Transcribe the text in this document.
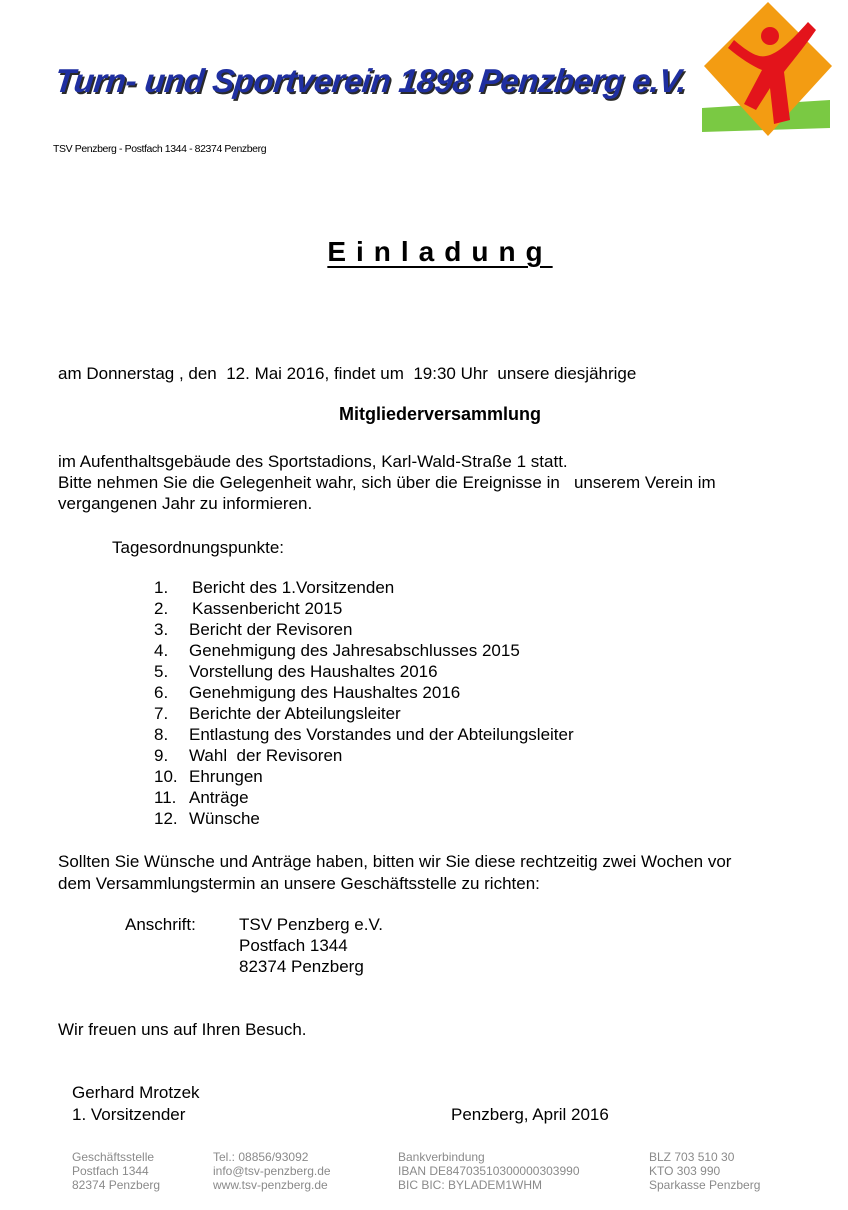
Turn- und Sportverein 1898 Penzberg e.V.
TSV Penzberg - Postfach 1344 - 82374 Penzberg
Einladung
am Donnerstag , den  12. Mai 2016, findet um  19:30 Uhr  unsere diesjährige
Mitgliederversammlung
im Aufenthaltsgebäude des Sportstadions, Karl-Wald-Straße 1 statt.
Bitte nehmen Sie die Gelegenheit wahr, sich über die Ereignisse in   unserem Verein im
vergangenen Jahr zu informieren.
Tagesordnungspunkte:
1. Bericht des 1.Vorsitzenden
2. Kassenbericht 2015
3. Bericht der Revisoren
4. Genehmigung des Jahresabschlusses 2015
5. Vorstellung des Haushaltes 2016
6. Genehmigung des Haushaltes 2016
7. Berichte der Abteilungsleiter
8. Entlastung des Vorstandes und der Abteilungsleiter
9. Wahl  der Revisoren
10. Ehrungen
11. Anträge
12. Wünsche
Sollten Sie Wünsche und Anträge haben, bitten wir Sie diese rechtzeitig zwei Wochen vor
dem Versammlungstermin an unsere Geschäftsstelle zu richten:
Anschrift:	TSV Penzberg e.V.
Postfach 1344
82374 Penzberg
Wir freuen uns auf Ihren Besuch.
Gerhard Mrotzek
1. Vorsitzender	Penzberg, April 2016
Geschäftsstelle
Postfach 1344
82374 Penzberg
Tel.: 08856/93092
info@tsv-penzberg.de
www.tsv-penzberg.de
Bankverbindung
IBAN DE84703510300000303990
BIC BIC: BYLADEM1WHM
BLZ 703 510 30
KTO 303 990
Sparkasse Penzberg
